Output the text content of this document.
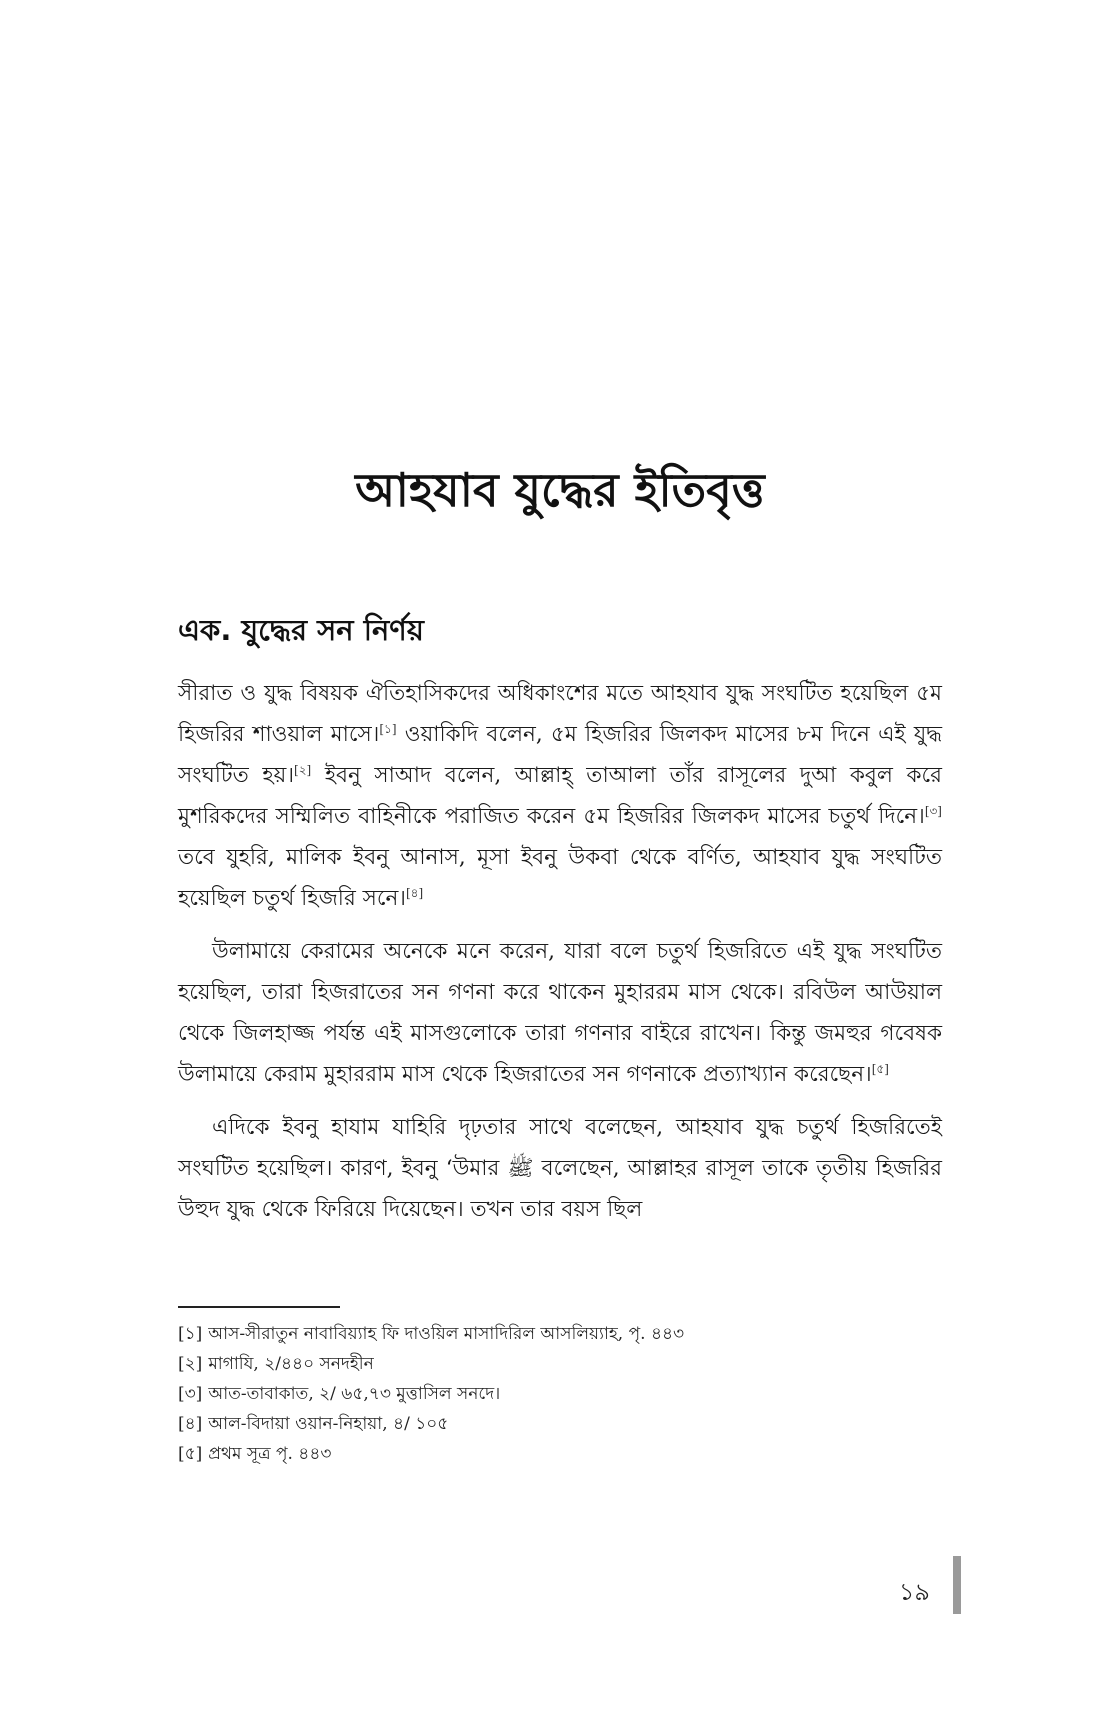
আহযাব যুদ্ধের ইতিবৃত্ত
এক. যুদ্ধের সন নির্ণয়

সীরাত ও যুদ্ধ বিষয়ক ঐতিহাসিকদের অধিকাংশের মতে আহযাব যুদ্ধ সংঘটিত হয়েছিল ৫ম হিজরির শাওয়াল মাসে।[১] ওয়াকিদি বলেন, ৫ম হিজরির জিলকদ মাসের ৮ম দিনে এই যুদ্ধ সংঘটিত হয়।[২] ইবনু সাআদ বলেন, আল্লাহ্‌ তাআলা তাঁর রাসূলের দুআ কবুল করে মুশরিকদের সম্মিলিত বাহিনীকে পরাজিত করেন ৫ম হিজরির জিলকদ মাসের চতুর্থ দিনে।[৩] তবে যুহরি, মালিক ইবনু আনাস, মূসা ইবনু উকবা থেকে বর্ণিত, আহযাব যুদ্ধ সংঘটিত হয়েছিল চতুর্থ হিজরি সনে।[৪]

উলামায়ে কেরামের অনেকে মনে করেন, যারা বলে চতুর্থ হিজরিতে এই যুদ্ধ সংঘটিত হয়েছিল, তারা হিজরাতের সন গণনা করে থাকেন মুহাররম মাস থেকে। রবিউল আউয়াল থেকে জিলহাজ্জ পর্যন্ত এই মাসগুলোকে তারা গণনার বাইরে রাখেন। কিন্তু জমহুর গবেষক উলামায়ে কেরাম মুহাররাম মাস থেকে হিজরাতের সন গণনাকে প্রত্যাখ্যান করেছেন।[৫]

এদিকে ইবনু হাযাম যাহিরি দৃঢ়তার সাথে বলেছেন, আহযাব যুদ্ধ চতুর্থ হিজরিতেই সংঘটিত হয়েছিল। কারণ, ইবনু ‘উমার ﷺ বলেছেন, আল্লাহর রাসূল তাকে তৃতীয় হিজরির উহুদ যুদ্ধ থেকে ফিরিয়ে দিয়েছেন। তখন তার বয়স ছিল

[১] আস-সীরাতুন নাবাবিয়্যাহ ফি দাওয়িল মাসাদিরিল আসলিয়্যাহ, পৃ. ৪৪৩
[২] মাগাযি, ২/৪৪০ সনদহীন
[৩] আত-তাবাকাত, ২/ ৬৫,৭৩ মুত্তাসিল সনদে।
[৪] আল-বিদায়া ওয়ান-নিহায়া, ৪/ ১০৫
[৫] প্রথম সূত্র পৃ. ৪৪৩
১৯
